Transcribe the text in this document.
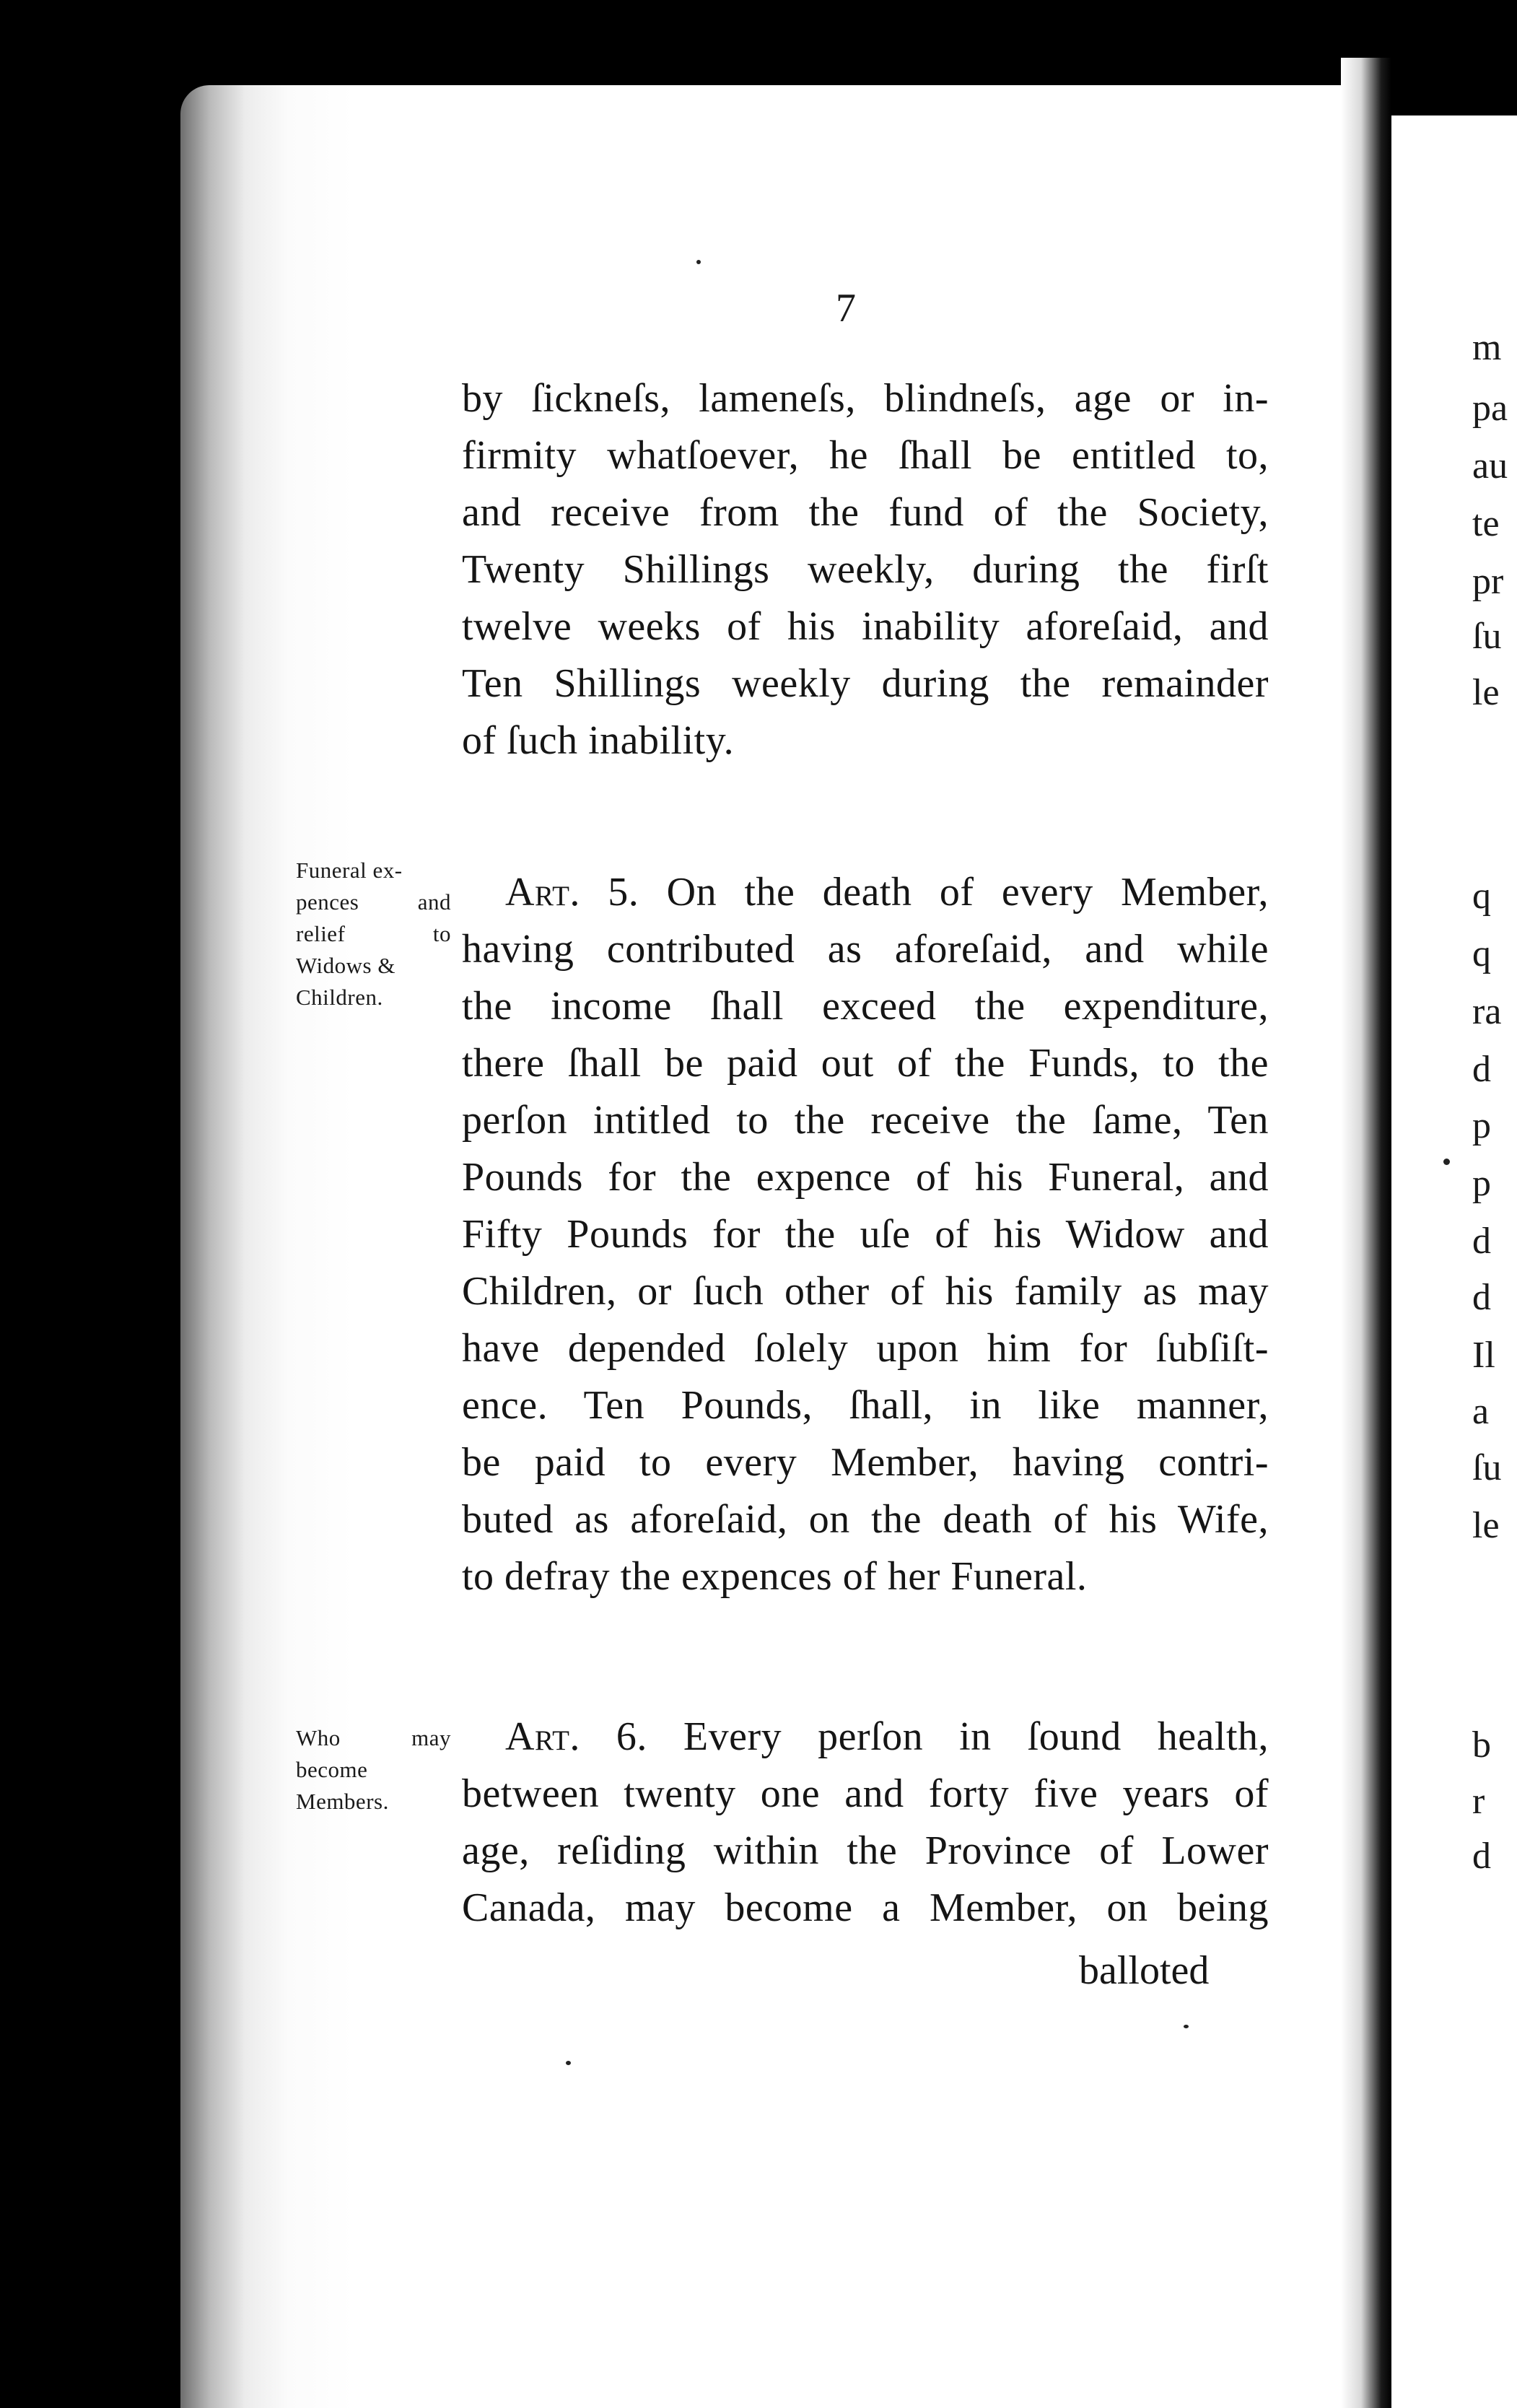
7
by ſickneſs, lameneſs, blindneſs, age or in-
firmity whatſoever, he ſhall be entitled to,
and receive from the fund of the Society,
Twenty Shillings weekly, during the firſt
twelve weeks of his inability aforeſaid, and
Ten Shillings weekly during the remainder
of ſuch inability.
Funeral ex-
pences and
relief to
Widows &
Children.
Art. 5. On the death of every Member,
having contributed as aforeſaid, and while
the income ſhall exceed the expenditure,
there ſhall be paid out of the Funds, to the
perſon intitled to the receive the ſame, Ten
Pounds for the expence of his Funeral, and
Fifty Pounds for the uſe of his Widow and
Children, or ſuch other of his family as may
have depended ſolely upon him for ſubſiſt-
ence. Ten Pounds, ſhall, in like manner,
be paid to every Member, having contri-
buted as aforeſaid, on the death of his Wife,
to defray the expences of her Funeral.
Who may
become
Members.
Art. 6. Every perſon in ſound health,
between twenty one and forty five years of
age, reſiding within the Province of Lower
Canada, may become a Member, on being
balloted
m
pa
au
te
pr
ſu
le
q
q
ra
d
p
p
d
d
Il
a
ſu
le
b
r
d
